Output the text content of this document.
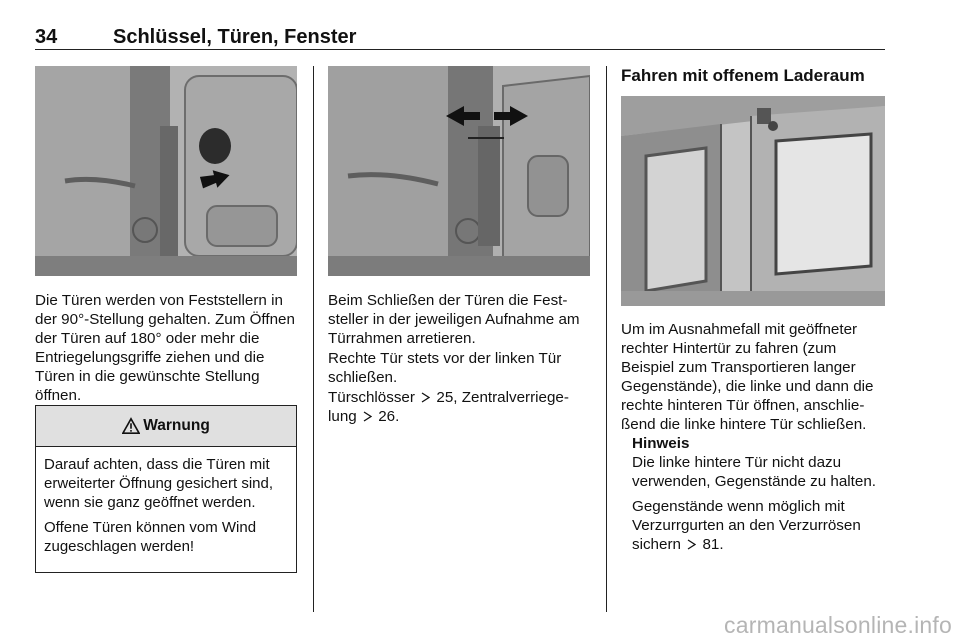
34	Schlüssel, Türen, Fenster

Die Türen werden von Feststellern in der 90°-Stellung gehalten. Zum Öffnen der Türen auf 180° oder mehr die Entriegelungsgriffe ziehen und die Türen in die gewünschte Stellung öffnen.

Warnung

Darauf achten, dass die Türen mit erweiterter Öffnung gesichert sind, wenn sie ganz geöffnet werden.

Offene Türen können vom Wind zugeschlagen werden!

Beim Schließen der Türen die Fest- steller in der jeweiligen Aufnahme am Türrahmen arretieren.

Rechte Tür stets vor der linken Tür schließen.

Türschlösser 25, Zentralverriege-
lung 26.

Fahren mit offenem Laderaum

Um im Ausnahmefall mit geöffneter rechter Hintertür zu fahren (zum Beispiel zum Transportieren langer Gegenstände), die linke und dann die rechte hinteren Tür öffnen, anschlie- ßend die linke hintere Tür schließen.

Hinweis

Die linke hintere Tür nicht dazu verwenden, Gegenstände zu halten.

Gegenstände wenn möglich mit Verzurrgurten an den Verzurrösen sichern 81.

carmanualsonline.info
